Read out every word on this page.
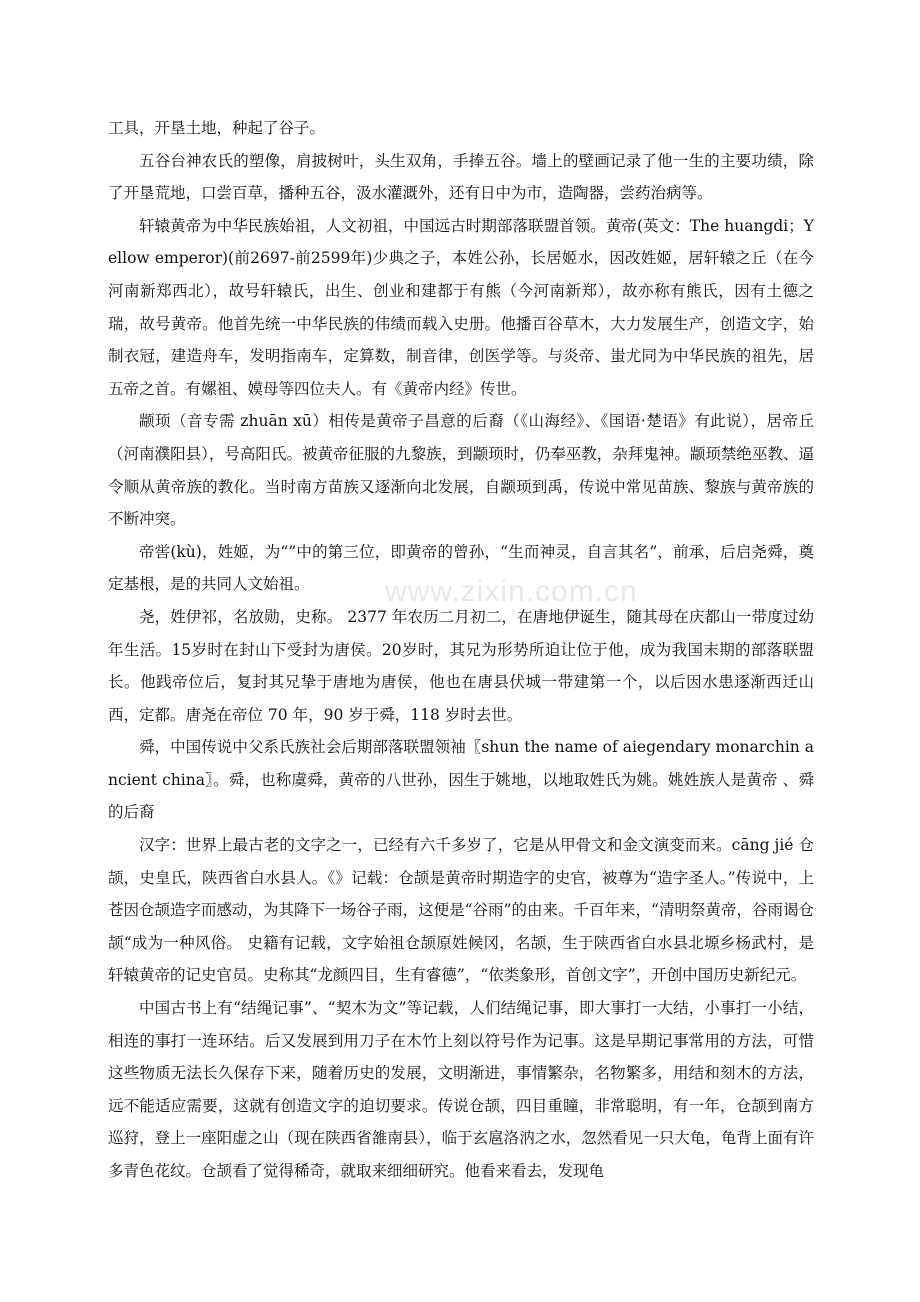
www.zixin.com.cn

工具，开垦土地，种起了谷子。

五谷台神农氏的塑像，肩披树叶，头生双角，手捧五谷。墙上的壁画记录了他一生的主要功绩，除了开垦荒地，口尝百草，播种五谷，汲水灌溉外，还有日中为市，造陶器，尝药治病等。

轩辕黄帝为中华民族始祖，人文初祖，中国远古时期部落联盟首领。黄帝(英文：The huangdi；Yellow emperor)(前2697-前2599年)少典之子，本姓公孙，长居姬水，因改姓姬，居轩辕之丘（在今河南新郑西北），故号轩辕氏，出生、创业和建都于有熊（今河南新郑），故亦称有熊氏，因有土德之瑞，故号黄帝。他首先统一中华民族的伟绩而载入史册。他播百谷草木，大力发展生产，创造文字，始制衣冠，建造舟车，发明指南车，定算数，制音律，创医学等。与炎帝、蚩尤同为中华民族的祖先，居五帝之首。有嫘祖、嫫母等四位夫人。有《黄帝内经》传世。

颛顼（音专需 zhuān xū）相传是黄帝子昌意的后裔（《山海经》、《国语·楚语》有此说），居帝丘（河南濮阳县），号高阳氏。被黄帝征服的九黎族，到颛顼时，仍奉巫教，杂拜鬼神。颛顼禁绝巫教、逼令顺从黄帝族的教化。当时南方苗族又逐渐向北发展，自颛顼到禹，传说中常见苗族、黎族与黄帝族的不断冲突。

帝喾(kù)，姓姬，为“”中的第三位，即黄帝的曾孙，“生而神灵，自言其名”，前承，后启尧舜，奠定基根，是的共同人文始祖。

尧，姓伊祁，名放勋，史称。 2377 年农历二月初二，在唐地伊诞生，随其母在庆都山一带度过幼年生活。15岁时在封山下受封为唐侯。20岁时，其兄为形势所迫让位于他，成为我国末期的部落联盟长。他践帝位后，复封其兄挚于唐地为唐侯，他也在唐县伏城一带建第一个，以后因水患逐渐西迁山西，定都。唐尧在帝位 70 年，90 岁于舜，118 岁时去世。

舜，中国传说中父系氏族社会后期部落联盟领袖〖shun the name of aiegendary monarchin ancient china〗。舜，也称虞舜，黄帝的八世孙，因生于姚地，以地取姓氏为姚。姚姓族人是黄帝 、舜的后裔

汉字：世界上最古老的文字之一，已经有六千多岁了，它是从甲骨文和金文演变而来。cāng jié 仓颉，史皇氏，陕西省白水县人。《》记载：仓颉是黄帝时期造字的史官，被尊为“造字圣人。”传说中，上苍因仓颉造字而感动，为其降下一场谷子雨，这便是“谷雨”的由来。千百年来，“清明祭黄帝，谷雨谒仓颉“成为一种风俗。 史籍有记载，文字始祖仓颉原姓候冈，名颉，生于陕西省白水县北塬乡杨武村，是轩辕黄帝的记史官员。史称其“龙颜四目，生有睿德”，“依类象形，首创文字”，开创中国历史新纪元。

中国古书上有“结绳记事”、“契木为文”等记载，人们结绳记事，即大事打一大结，小事打一小结，相连的事打一连环结。后又发展到用刀子在木竹上刻以符号作为记事。这是早期记事常用的方法，可惜这些物质无法长久保存下来，随着历史的发展，文明渐进，事情繁杂，名物繁多，用结和刻木的方法，远不能适应需要，这就有创造文字的迫切要求。传说仓颉，四目重瞳，非常聪明，有一年，仓颉到南方巡狩，登上一座阳虚之山（现在陕西省雒南县），临于玄扈洛汭之水，忽然看见一只大龟，龟背上面有许多青色花纹。仓颉看了觉得稀奇，就取来细细研究。他看来看去，发现龟
